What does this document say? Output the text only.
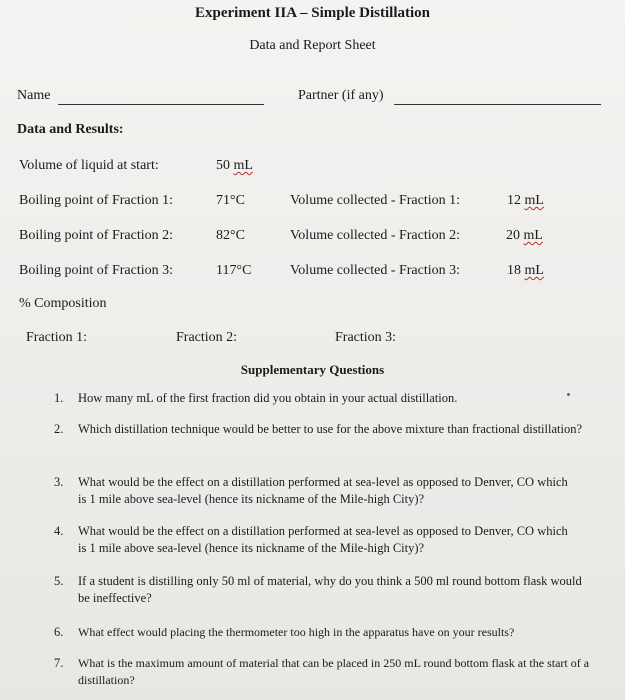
Experiment IIA – Simple Distillation
Data and Report Sheet
Name	Partner (if any)
Data and Results:
Volume of liquid at start:	50 mL
Boiling point of Fraction 1:	71°C	Volume collected - Fraction 1:	12 mL
Boiling point of Fraction 2:	82°C	Volume collected - Fraction 2:	20 mL
Boiling point of Fraction 3:	117°C	Volume collected - Fraction 3:	18 mL
% Composition
Fraction 1:	Fraction 2:	Fraction 3:
Supplementary Questions
1. How many mL of the first fraction did you obtain in your actual distillation.
2. Which distillation technique would be better to use for the above mixture than fractional distillation?
3. What would be the effect on a distillation performed at sea-level as opposed to Denver, CO which is 1 mile above sea-level (hence its nickname of the Mile-high City)?
4. What would be the effect on a distillation performed at sea-level as opposed to Denver, CO which is 1 mile above sea-level (hence its nickname of the Mile-high City)?
5. If a student is distilling only 50 ml of material, why do you think a 500 ml round bottom flask would be ineffective?
6. What effect would placing the thermometer too high in the apparatus have on your results?
7. What is the maximum amount of material that can be placed in 250 mL round bottom flask at the start of a distillation?
